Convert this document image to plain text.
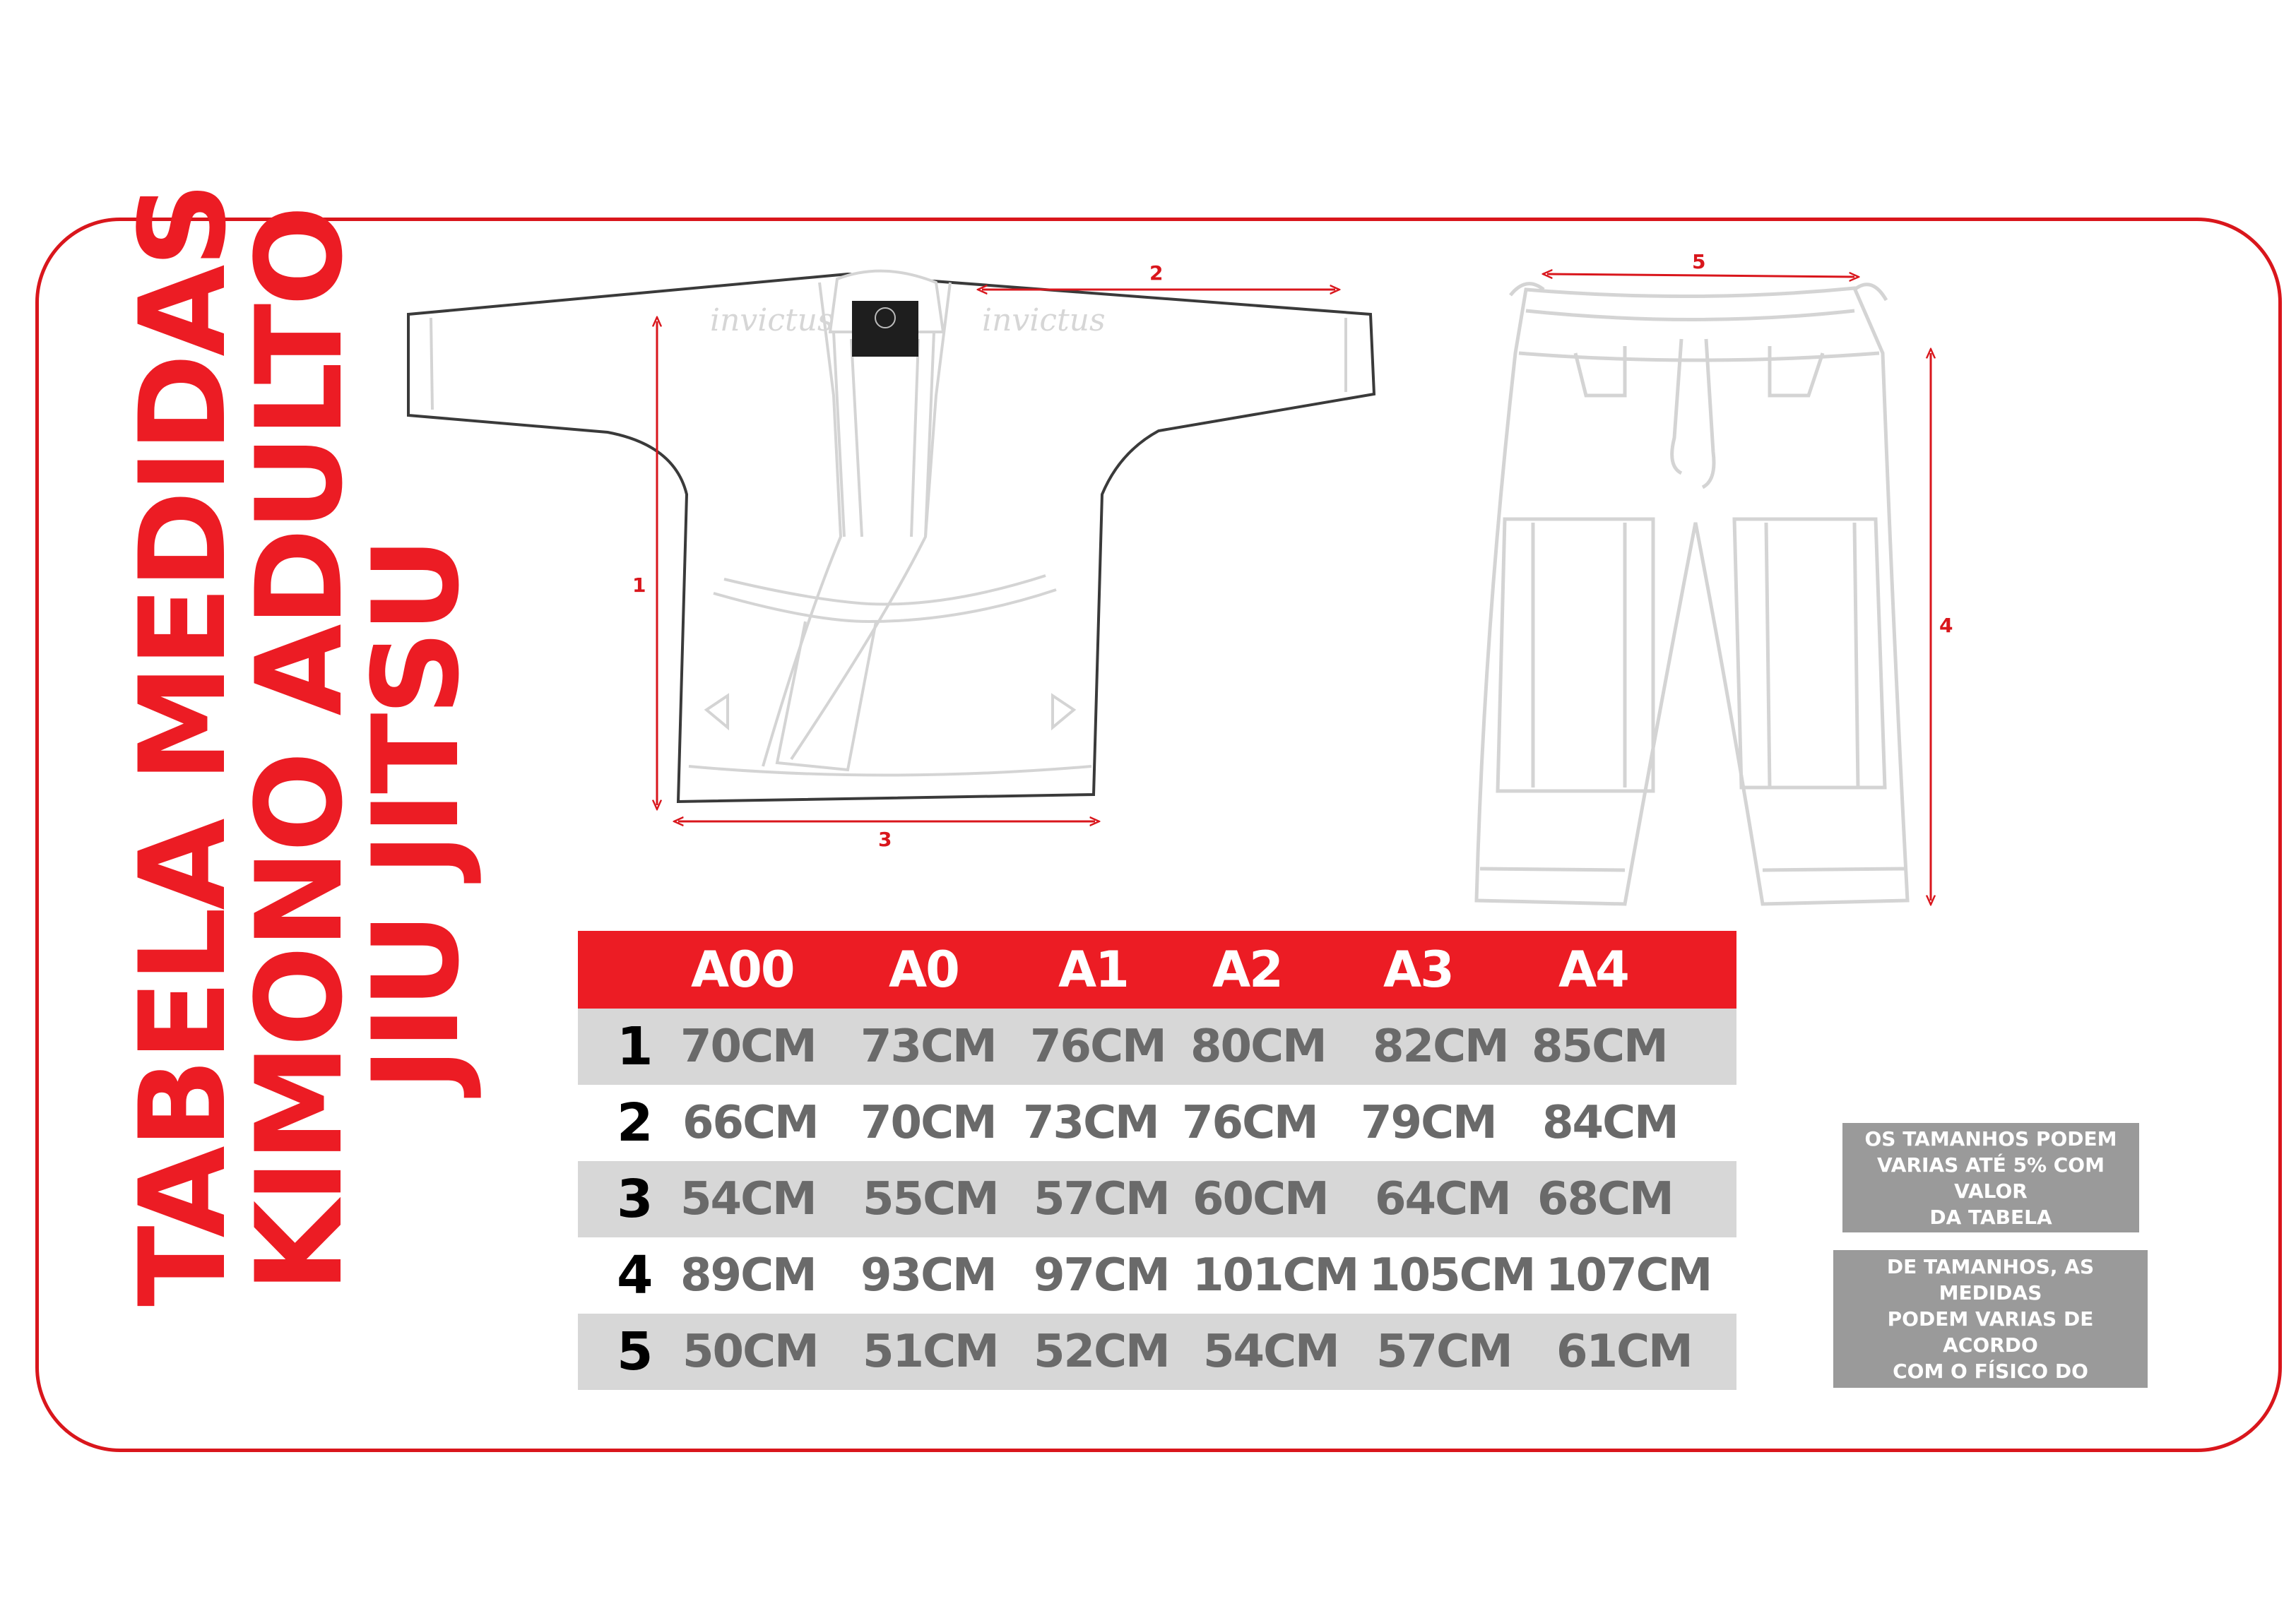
TABELA MEDIDAS
KIMONO ADULTO
JIU JITSU
invictus	invictus
1
2
3
4
5
A00 A0 A1 A2 A3 A4
1 70CM 73CM 76CM 80CM 82CM 85CM
2 66CM 70CM 73CM 76CM 79CM 84CM
3 54CM 55CM 57CM 60CM 64CM 68CM
4 89CM 93CM 97CM 101CM 105CM 107CM
5 50CM 51CM 52CM 54CM 57CM 61CM
OS TAMANHOS PODEM
VARIAS ATÉ 5% COM VALOR
DA TABELA
TABELA SUGESTIVA
DE TAMANHOS, AS MEDIDAS
PODEM VARIAS DE ACORDO
COM O FÍSICO DO CLIENTE.
